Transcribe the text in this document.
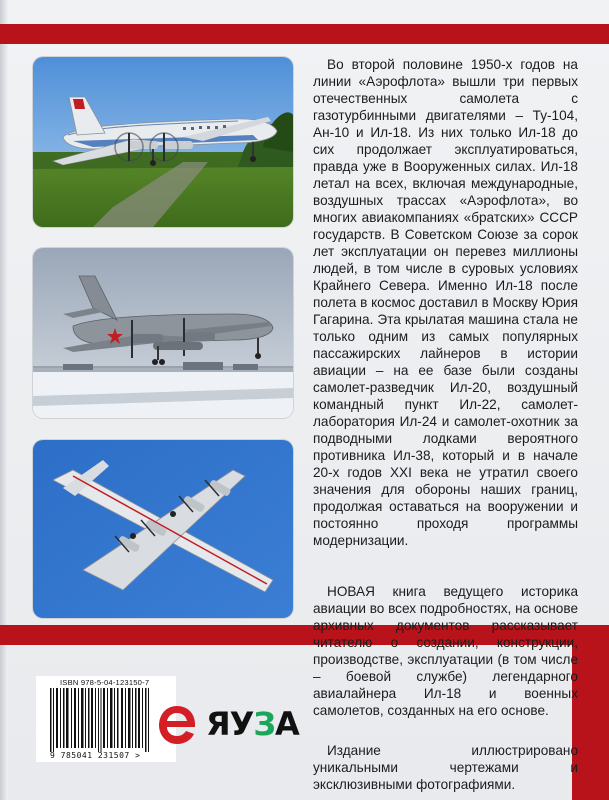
Во второй половине 1950-х годов на линии «Аэрофлота» вышли три первых отечественных самолета с газотурбинными двигателями – Ту-104, Ан-10 и Ил-18. Из них только Ил-18 до сих продолжает эксплуатироваться, правда уже в Вооруженных силах. Ил-18 летал на всех, включая международные, воздушных трассах «Аэрофлота», во многих авиакомпаниях «братских» СССР государств. В Советском Союзе за сорок лет эксплуатации он перевез миллионы людей, в том числе в суровых условиях Крайнего Севера. Именно Ил-18 после полета в космос доставил в Москву Юрия Гагарина. Эта крылатая машина стала не только одним из самых популярных пассажирских лайнеров в истории авиации – на ее базе были созданы самолет-разведчик Ил-20, воздушный командный пункт Ил-22, самолет-лаборатория Ил-24 и самолет-охотник за подводными лодками вероятного противника Ил-38, который и в начале 20-х годов XXI века не утратил своего значения для обороны наших границ, продолжая оставаться на вооружении и постоянно проходя программы модернизации.

НОВАЯ книга ведущего историка авиации во всех подробностях, на основе архивных документов рассказывает читателю о создании, конструкции, производстве, эксплуатации (в том числе – боевой службе) легендарного авиалайнера Ил-18 и военных самолетов, созданных на его основе.

Издание иллюстрировано уникальными чертежами и эксклюзивными фотографиями.

ISBN 978-5-04-123150-7
9 785041 231507 >
ЯУЗА
